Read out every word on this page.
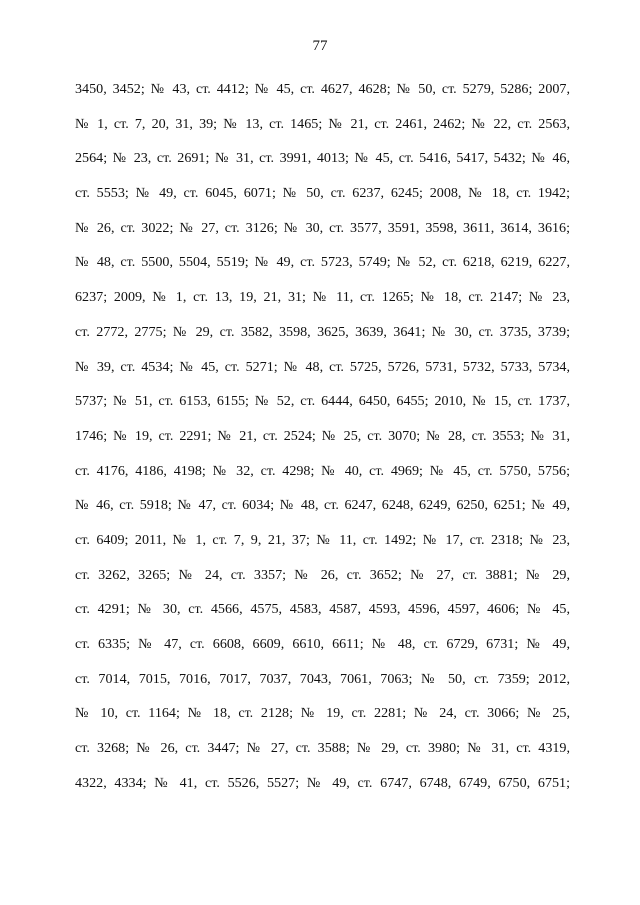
77
3450, 3452; № 43, ст. 4412; № 45, ст. 4627, 4628; № 50, ст. 5279, 5286; 2007,
№ 1, ст. 7, 20, 31, 39; № 13, ст. 1465; № 21, ст. 2461, 2462; № 22, ст. 2563,
2564; № 23, ст. 2691; № 31, ст. 3991, 4013; № 45, ст. 5416, 5417, 5432; № 46,
ст. 5553; № 49, ст. 6045, 6071; № 50, ст. 6237, 6245; 2008, № 18, ст. 1942;
№ 26, ст. 3022; № 27, ст. 3126; № 30, ст. 3577, 3591, 3598, 3611, 3614, 3616;
№ 48, ст. 5500, 5504, 5519; № 49, ст. 5723, 5749; № 52, ст. 6218, 6219, 6227,
6237; 2009, № 1, ст. 13, 19, 21, 31; № 11, ст. 1265; № 18, ст. 2147; № 23,
ст. 2772, 2775; № 29, ст. 3582, 3598, 3625, 3639, 3641; № 30, ст. 3735, 3739;
№ 39, ст. 4534; № 45, ст. 5271; № 48, ст. 5725, 5726, 5731, 5732, 5733, 5734,
5737; № 51, ст. 6153, 6155; № 52, ст. 6444, 6450, 6455; 2010, № 15, ст. 1737,
1746; № 19, ст. 2291; № 21, ст. 2524; № 25, ст. 3070; № 28, ст. 3553; № 31,
ст. 4176, 4186, 4198; № 32, ст. 4298; № 40, ст. 4969; № 45, ст. 5750, 5756;
№ 46, ст. 5918; № 47, ст. 6034; № 48, ст. 6247, 6248, 6249, 6250, 6251; № 49,
ст. 6409; 2011, № 1, ст. 7, 9, 21, 37; № 11, ст. 1492; № 17, ст. 2318; № 23,
ст. 3262, 3265; № 24, ст. 3357; № 26, ст. 3652; № 27, ст. 3881; № 29,
ст. 4291; № 30, ст. 4566, 4575, 4583, 4587, 4593, 4596, 4597, 4606; № 45,
ст. 6335; № 47, ст. 6608, 6609, 6610, 6611; № 48, ст. 6729, 6731; № 49,
ст. 7014, 7015, 7016, 7017, 7037, 7043, 7061, 7063; № 50, ст. 7359; 2012,
№ 10, ст. 1164; № 18, ст. 2128; № 19, ст. 2281; № 24, ст. 3066; № 25,
ст. 3268; № 26, ст. 3447; № 27, ст. 3588; № 29, ст. 3980; № 31, ст. 4319,
4322, 4334; № 41, ст. 5526, 5527; № 49, ст. 6747, 6748, 6749, 6750, 6751;
